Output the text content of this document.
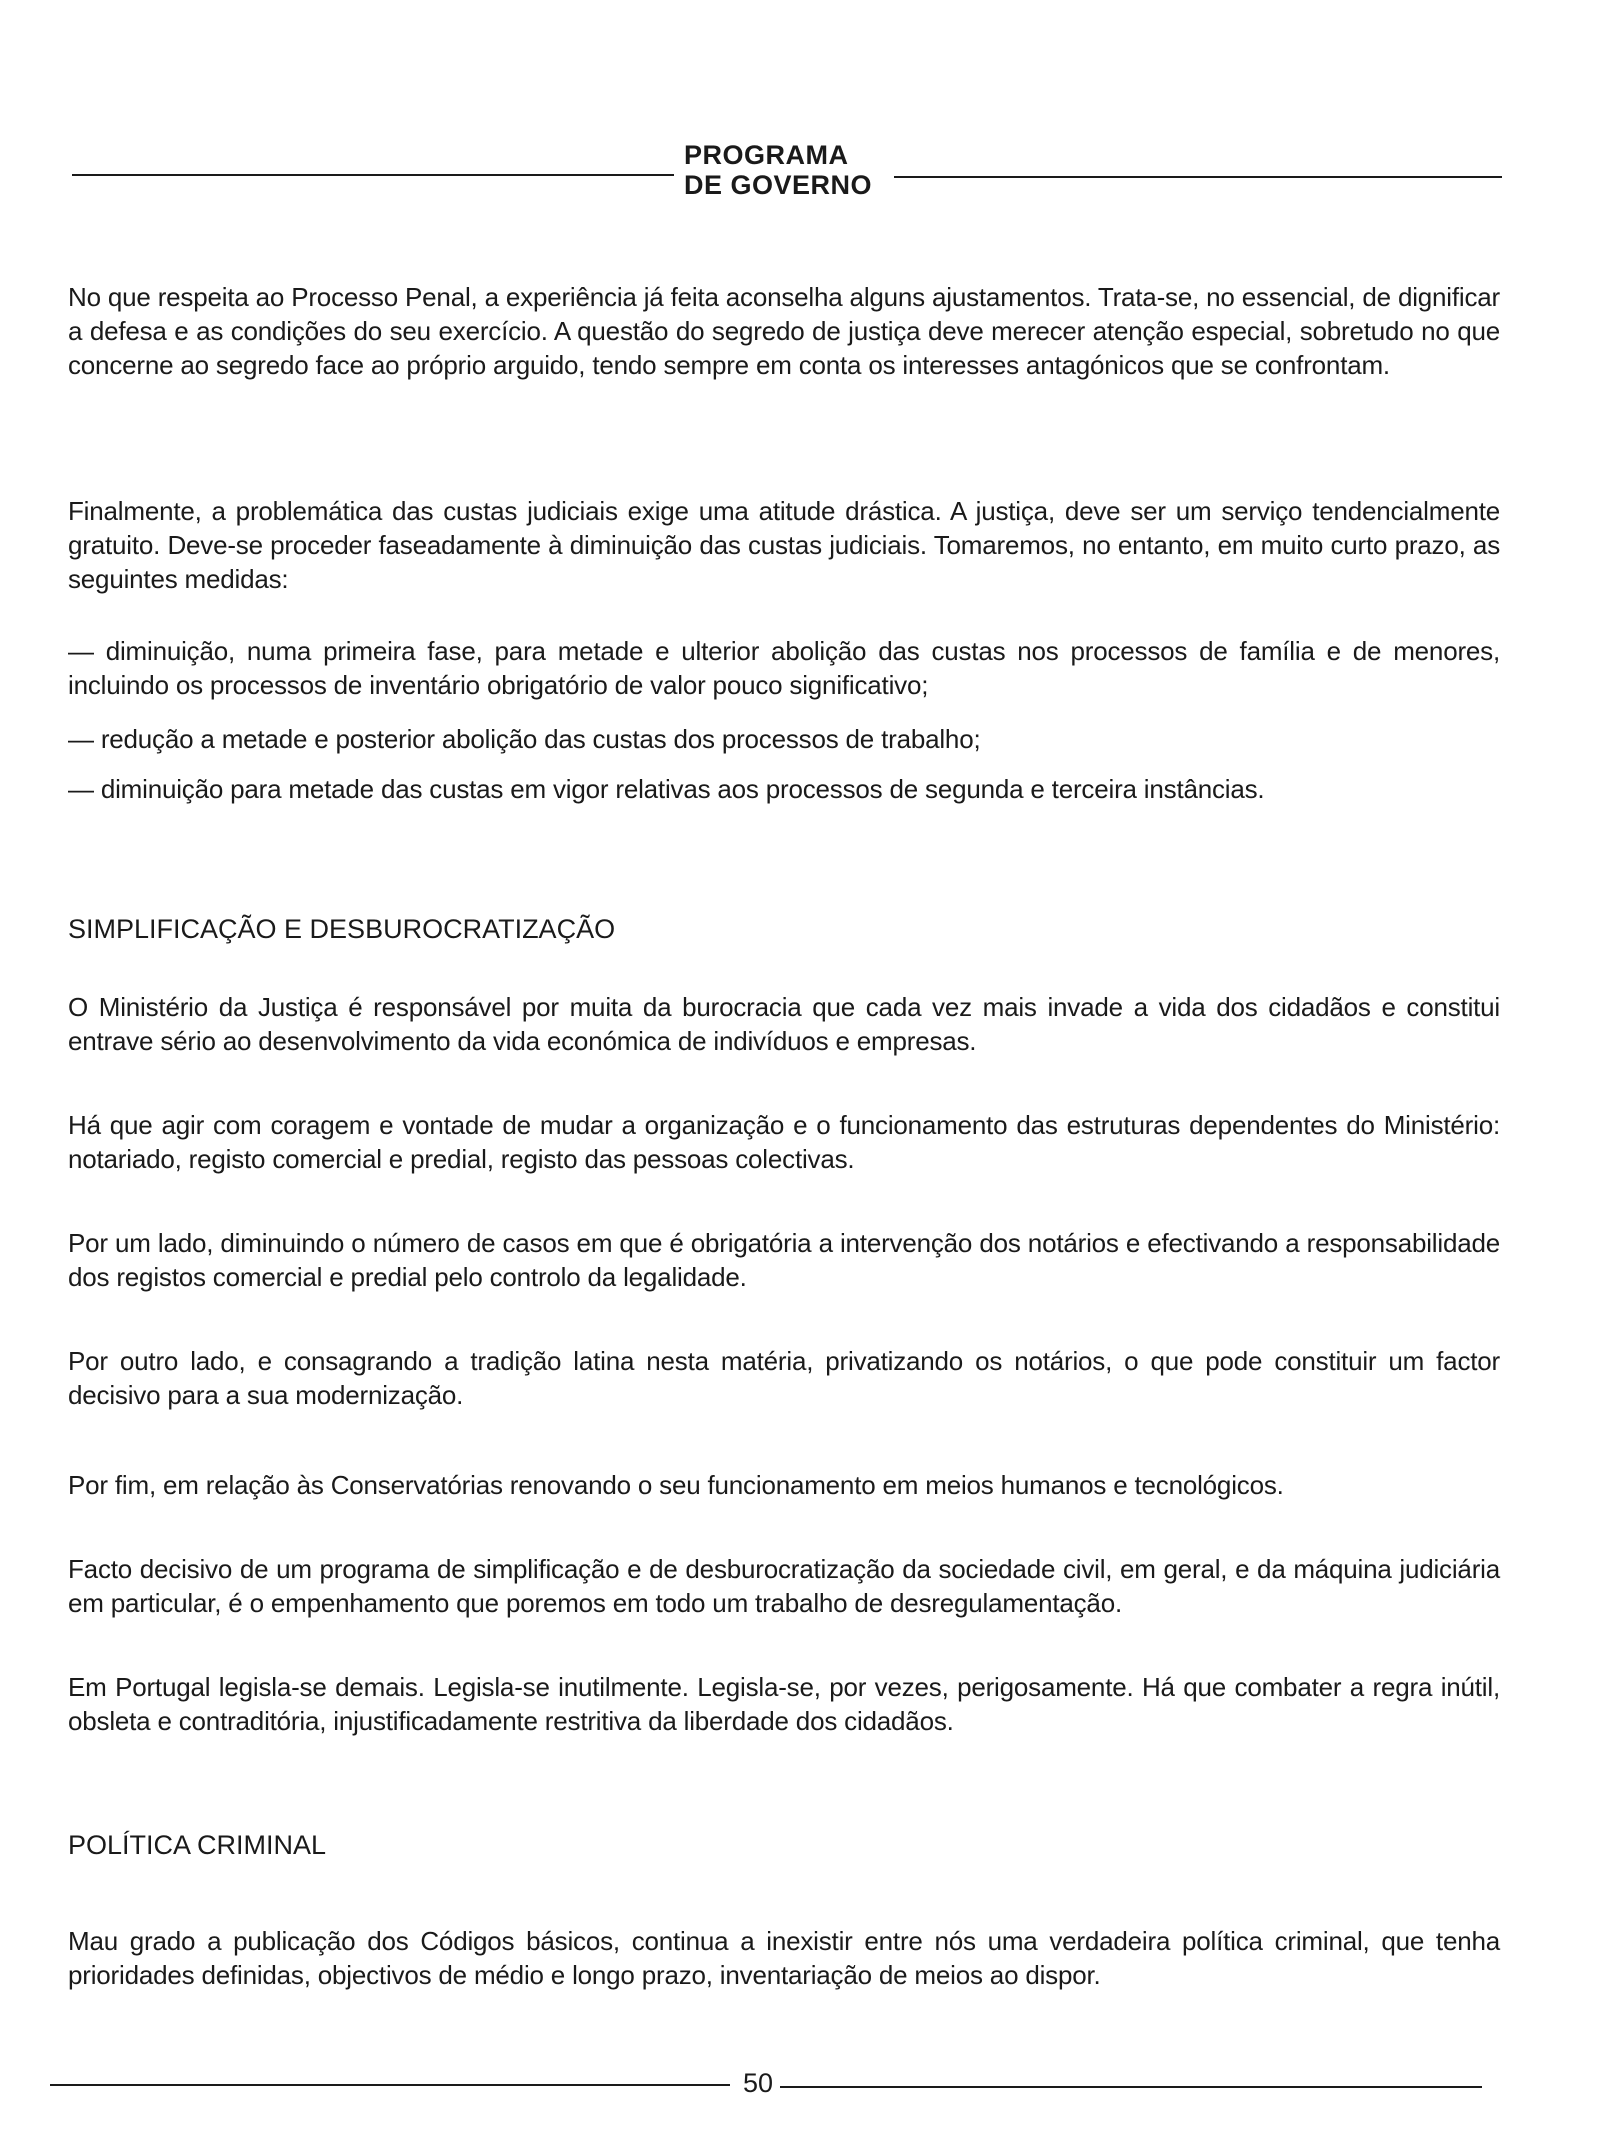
PROGRAMA
DE GOVERNO

No que respeita ao Processo Penal, a experiência já feita aconselha alguns ajustamentos. Trata-se, no essencial, de dignificar a defesa e as condições do seu exercício. A questão do segredo de justiça deve merecer atenção especial, sobretudo no que concerne ao segredo face ao próprio arguido, tendo sempre em conta os interesses antagónicos que se confrontam.

Finalmente, a problemática das custas judiciais exige uma atitude drástica. A justiça, deve ser um serviço tendencialmente gratuito. Deve-se proceder faseadamente à diminuição das custas judiciais. Tomaremos, no entanto, em muito curto prazo, as seguintes medidas:

— diminuição, numa primeira fase, para metade e ulterior abolição das custas nos processos de família e de menores, incluindo os processos de inventário obrigatório de valor pouco significativo;

— redução a metade e posterior abolição das custas dos processos de trabalho;

— diminuição para metade das custas em vigor relativas aos processos de segunda e terceira instâncias.

SIMPLIFICAÇÃO E DESBUROCRATIZAÇÃO

O Ministério da Justiça é responsável por muita da burocracia que cada vez mais invade a vida dos cidadãos e constitui entrave sério ao desenvolvimento da vida económica de indivíduos e empresas.

Há que agir com coragem e vontade de mudar a organização e o funcionamento das estruturas dependentes do Ministério: notariado, registo comercial e predial, registo das pessoas colectivas.

Por um lado, diminuindo o número de casos em que é obrigatória a intervenção dos notários e efectivando a responsabilidade dos registos comercial e predial pelo controlo da legalidade.

Por outro lado, e consagrando a tradição latina nesta matéria, privatizando os notários, o que pode constituir um factor decisivo para a sua modernização.

Por fim, em relação às Conservatórias renovando o seu funcionamento em meios humanos e tecnológicos.

Facto decisivo de um programa de simplificação e de desburocratização da sociedade civil, em geral, e da máquina judiciária em particular, é o empenhamento que poremos em todo um trabalho de desregulamentação.

Em Portugal legisla-se demais. Legisla-se inutilmente. Legisla-se, por vezes, perigosamente. Há que combater a regra inútil, obsleta e contraditória, injustificadamente restritiva da liberdade dos cidadãos.

POLÍTICA CRIMINAL

Mau grado a publicação dos Códigos básicos, continua a inexistir entre nós uma verdadeira política criminal, que tenha prioridades definidas, objectivos de médio e longo prazo, inventariação de meios ao dispor.

50
